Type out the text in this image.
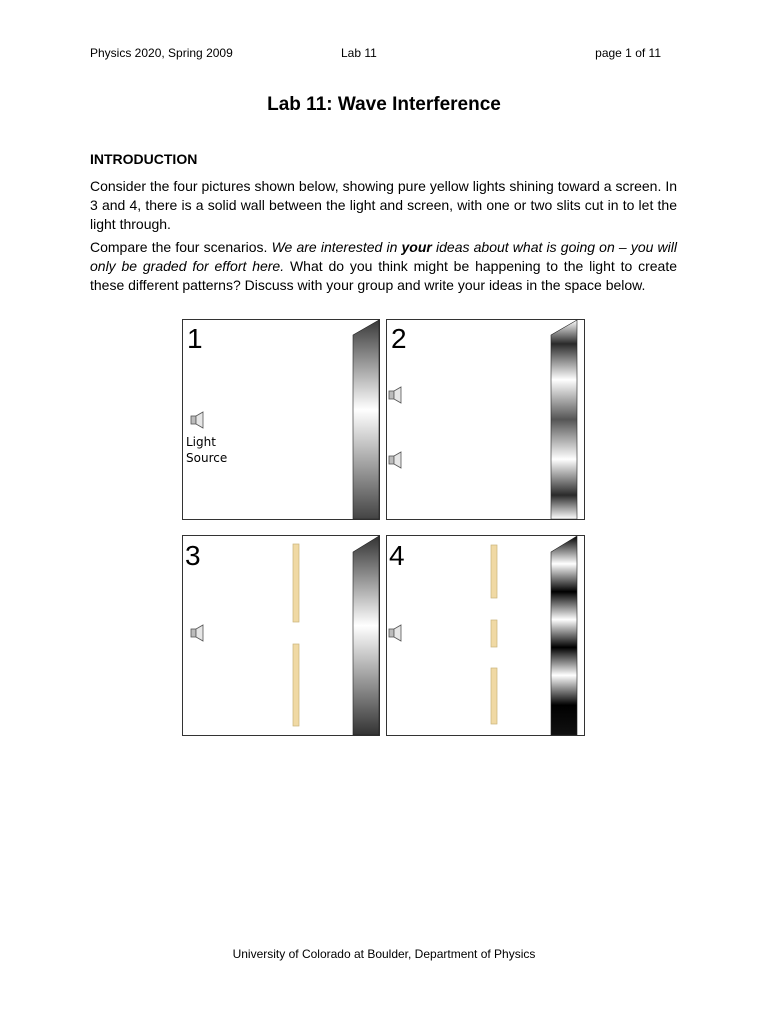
Physics 2020, Spring 2009	Lab 11	page 1 of 11
Lab 11: Wave Interference
INTRODUCTION

Consider the four pictures shown below, showing pure yellow lights shining toward a screen. In 3 and 4, there is a solid wall between the light and screen, with one or two slits cut in to let the light through.

Compare the four scenarios. We are interested in your ideas about what is going on – you will only be graded for effort here. What do you think might be happening to the light to create these different patterns? Discuss with your group and write your ideas in the space below.

1
Light
Source
2
3	4
University of Colorado at Boulder, Department of Physics
